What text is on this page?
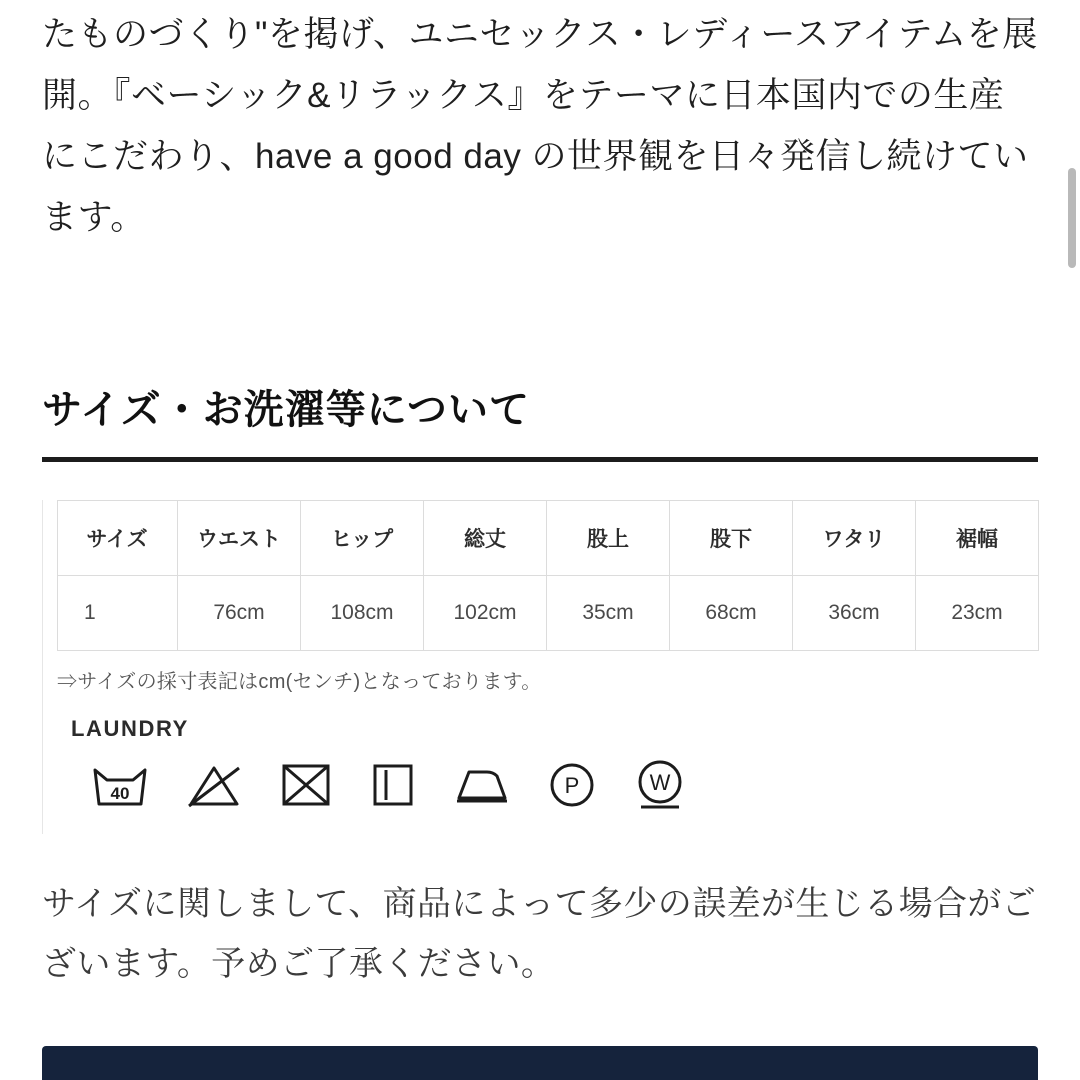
たものづくり"を掲げ、ユニセックス・レディースアイテムを展開。『ベーシック&リラックス』をテーマに日本国内での生産にこだわり、have a good day の世界観を日々発信し続けています。

サイズ・お洗濯等について
サイズ	ウエスト	ヒップ	総丈	股上	股下	ワタリ	裾幅
1	76cm	108cm	102cm	35cm	68cm	36cm	23cm
⇒サイズの採寸表記はcm(センチ)となっております。
LAUNDRY
40	P	W

サイズに関しまして、商品によって多少の誤差が生じる場合がございます。予めご了承ください。
